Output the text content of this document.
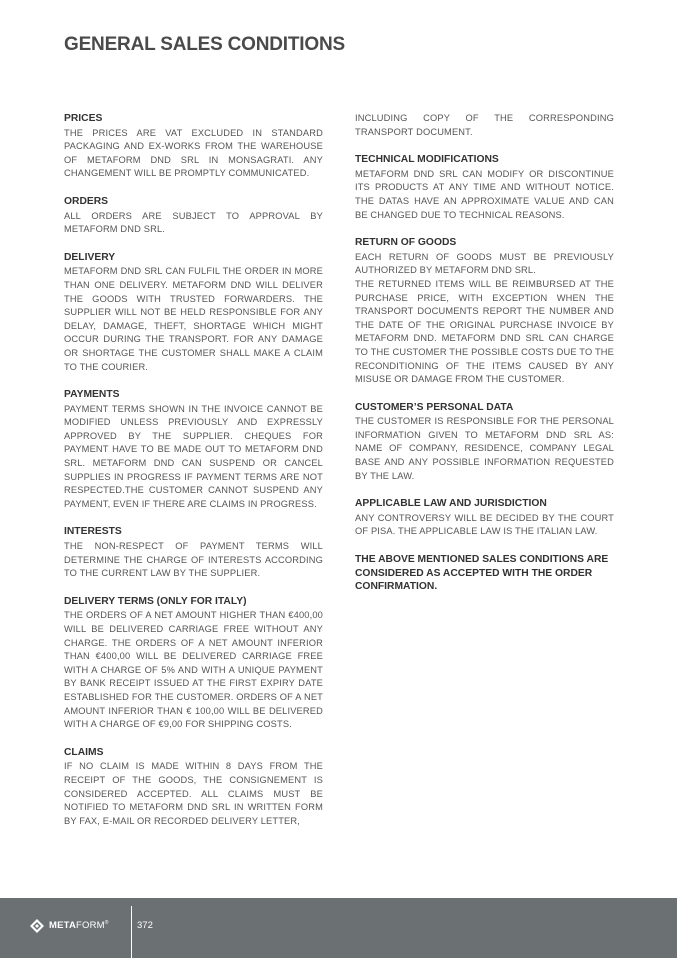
GENERAL SALES CONDITIONS
PRICES

THE PRICES ARE VAT EXCLUDED IN STANDARD PACKAGING AND EX-WORKS FROM THE WAREHOUSE OF METAFORM DND SRL IN MONSAGRATI. ANY CHANGEMENT WILL BE PROMPTLY COMMUNICATED.

ORDERS

ALL ORDERS ARE SUBJECT TO APPROVAL BY METAFORM DND SRL.

DELIVERY

METAFORM DND SRL CAN FULFIL THE ORDER IN MORE THAN ONE DELIVERY. METAFORM DND WILL DELIVER THE GOODS WITH TRUSTED FORWARDERS. THE SUPPLIER WILL NOT BE HELD RESPONSIBLE FOR ANY DELAY, DAMAGE, THEFT, SHORTAGE WHICH MIGHT OCCUR DURING THE TRANSPORT. FOR ANY DAMAGE OR SHORTAGE THE CUSTOMER SHALL MAKE A CLAIM TO THE COURIER.

PAYMENTS

PAYMENT TERMS SHOWN IN THE INVOICE CANNOT BE MODIFIED UNLESS PREVIOUSLY AND EXPRESSLY APPROVED BY THE SUPPLIER. CHEQUES FOR PAYMENT HAVE TO BE MADE OUT TO METAFORM DND SRL. METAFORM DND CAN SUSPEND OR CANCEL SUPPLIES IN PROGRESS IF PAYMENT TERMS ARE NOT RESPECTED.THE CUSTOMER CANNOT SUSPEND ANY PAYMENT, EVEN IF THERE ARE CLAIMS IN PROGRESS.

INTERESTS

THE NON-RESPECT OF PAYMENT TERMS WILL DETERMINE THE CHARGE OF INTERESTS ACCORDING TO THE CURRENT LAW BY THE SUPPLIER.

DELIVERY TERMS (ONLY FOR ITALY)

THE ORDERS OF A NET AMOUNT HIGHER THAN €400,00 WILL BE DELIVERED CARRIAGE FREE WITHOUT ANY CHARGE. THE ORDERS OF A NET AMOUNT INFERIOR THAN €400,00 WILL BE DELIVERED CARRIAGE FREE WITH A CHARGE OF 5% AND WITH A UNIQUE PAYMENT BY BANK RECEIPT ISSUED AT THE FIRST EXPIRY DATE ESTABLISHED FOR THE CUSTOMER. ORDERS OF A NET AMOUNT INFERIOR THAN € 100,00 WILL BE DELIVERED WITH A CHARGE OF €9,00 FOR SHIPPING COSTS.

CLAIMS

IF NO CLAIM IS MADE WITHIN 8 DAYS FROM THE RECEIPT OF THE GOODS, THE CONSIGNEMENT IS CONSIDERED ACCEPTED. ALL CLAIMS MUST BE NOTIFIED TO METAFORM DND SRL IN WRITTEN FORM BY FAX, E-MAIL OR RECORDED DELIVERY LETTER,

INCLUDING COPY OF THE CORRESPONDING TRANSPORT DOCUMENT.

TECHNICAL MODIFICATIONS

METAFORM DND SRL CAN MODIFY OR DISCONTINUE ITS PRODUCTS AT ANY TIME AND WITHOUT NOTICE. THE DATAS HAVE AN APPROXIMATE VALUE AND CAN BE CHANGED DUE TO TECHNICAL REASONS.

RETURN OF GOODS

EACH RETURN OF GOODS MUST BE PREVIOUSLY AUTHORIZED BY METAFORM DND SRL.

THE RETURNED ITEMS WILL BE REIMBURSED AT THE PURCHASE PRICE, WITH EXCEPTION WHEN THE TRANSPORT DOCUMENTS REPORT THE NUMBER AND THE DATE OF THE ORIGINAL PURCHASE INVOICE BY METAFORM DND. METAFORM DND SRL CAN CHARGE TO THE CUSTOMER THE POSSIBLE COSTS DUE TO THE RECONDITIONING OF THE ITEMS CAUSED BY ANY MISUSE OR DAMAGE FROM THE CUSTOMER.

CUSTOMER’S PERSONAL DATA

THE CUSTOMER IS RESPONSIBLE FOR THE PERSONAL INFORMATION GIVEN TO METAFORM DND SRL AS: NAME OF COMPANY, RESIDENCE, COMPANY LEGAL BASE AND ANY POSSIBLE INFORMATION REQUESTED BY THE LAW.

APPLICABLE LAW AND JURISDICTION

ANY CONTROVERSY WILL BE DECIDED BY THE COURT OF PISA. THE APPLICABLE LAW IS THE ITALIAN LAW.

THE ABOVE MENTIONED SALES CONDITIONS ARE CONSIDERED AS ACCEPTED WITH THE ORDER CONFIRMATION.

METAFORM®	372
